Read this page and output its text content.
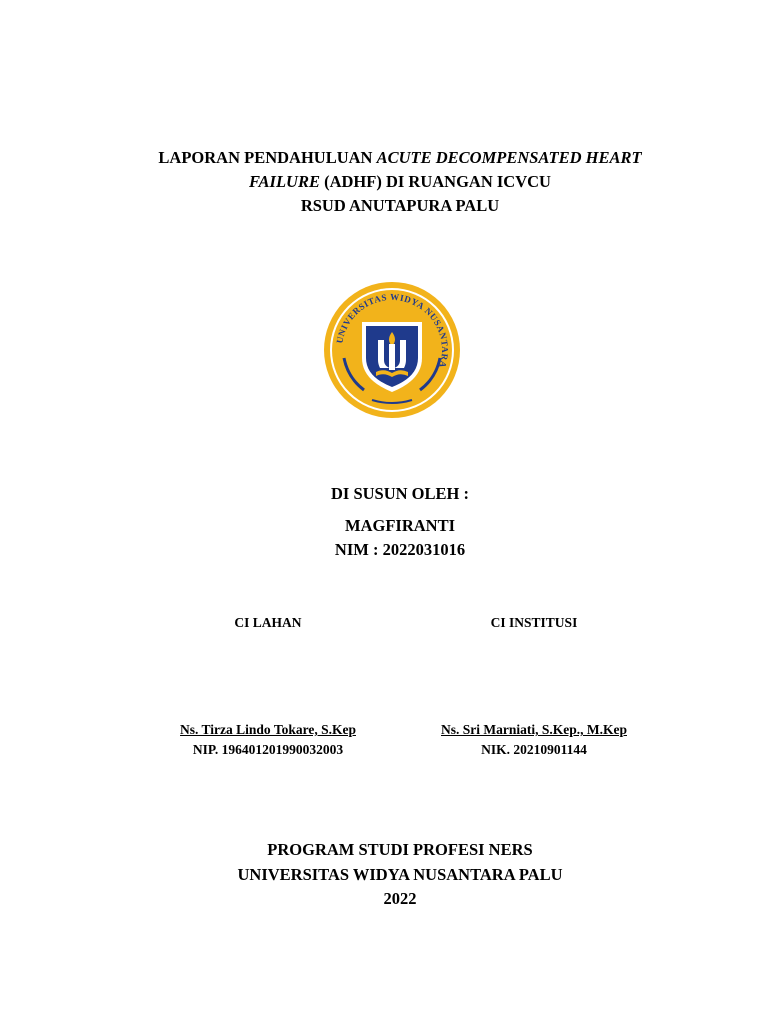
LAPORAN PENDAHULUAN ACUTE DECOMPENSATED HEART
FAILURE (ADHF) DI RUANGAN ICVCU
RSUD ANUTAPURA PALU
UNIVERSITAS WIDYA NUSANTARA
DI SUSUN OLEH :
MAGFIRANTI
NIM : 2022031016
CI LAHAN	CI INSTITUSI
Ns. Tirza Lindo Tokare, S.Kep
NIP. 196401201990032003
Ns. Sri Marniati, S.Kep., M.Kep
NIK. 20210901144
PROGRAM STUDI PROFESI NERS
UNIVERSITAS WIDYA NUSANTARA PALU
2022
